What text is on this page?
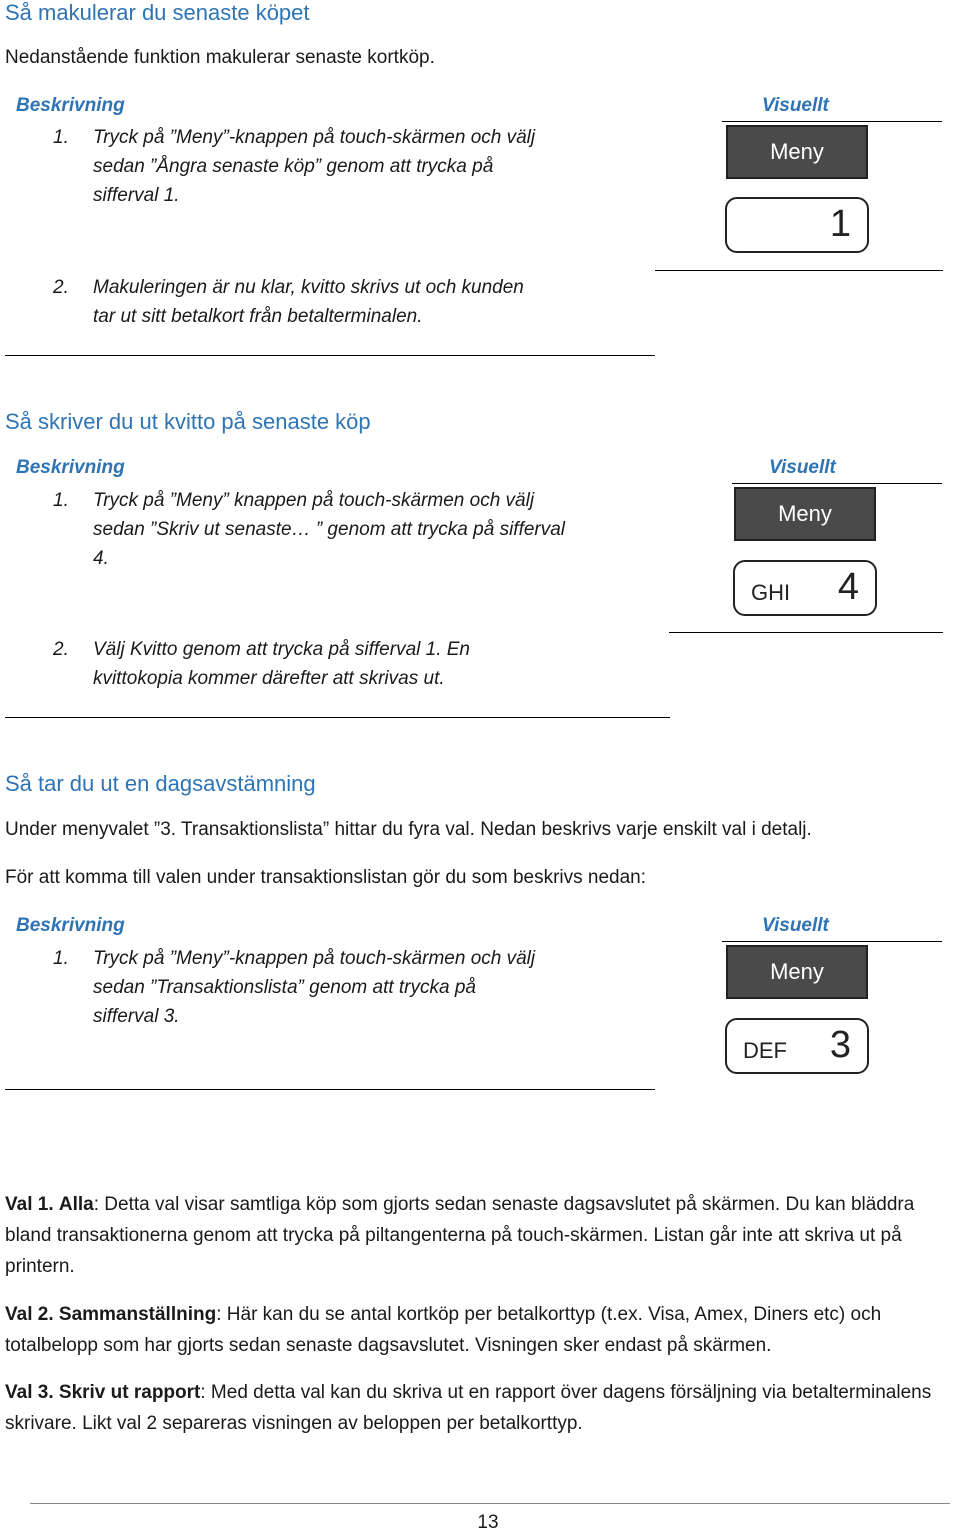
Så makulerar du senaste köpet
Nedanstående funktion makulerar senaste kortköp.
Beskrivning	Visuellt
1. Tryck på ”Meny”-knappen på touch-skärmen och välj
sedan ”Ångra senaste köp” genom att trycka på
sifferval 1.
Meny
1
2. Makuleringen är nu klar, kvitto skrivs ut och kunden
tar ut sitt betalkort från betalterminalen.
Så skriver du ut kvitto på senaste köp
Beskrivning	Visuellt
1. Tryck på ”Meny” knappen på touch-skärmen och välj
sedan ”Skriv ut senaste… ” genom att trycka på sifferval
4.
Meny
GHI 4
2. Välj Kvitto genom att trycka på sifferval 1. En
kvittokopia kommer därefter att skrivas ut.
Så tar du ut en dagsavstämning
Under menyvalet ”3. Transaktionslista” hittar du fyra val. Nedan beskrivs varje enskilt val i detalj.
För att komma till valen under transaktionslistan gör du som beskrivs nedan:
Beskrivning	Visuellt
1. Tryck på ”Meny”-knappen på touch-skärmen och välj
sedan ”Transaktionslista” genom att trycka på
sifferval 3.
Meny
DEF 3
Val 1. Alla: Detta val visar samtliga köp som gjorts sedan senaste dagsavslutet på skärmen. Du kan bläddra bland transaktionerna genom att trycka på piltangenterna på touch-skärmen. Listan går inte att skriva ut på printern.
Val 2. Sammanställning: Här kan du se antal kortköp per betalkorttyp (t.ex. Visa, Amex, Diners etc) och totalbelopp som har gjorts sedan senaste dagsavslutet. Visningen sker endast på skärmen.
Val 3. Skriv ut rapport: Med detta val kan du skriva ut en rapport över dagens försäljning via betalterminalens skrivare. Likt val 2 separeras visningen av beloppen per betalkorttyp.
13
